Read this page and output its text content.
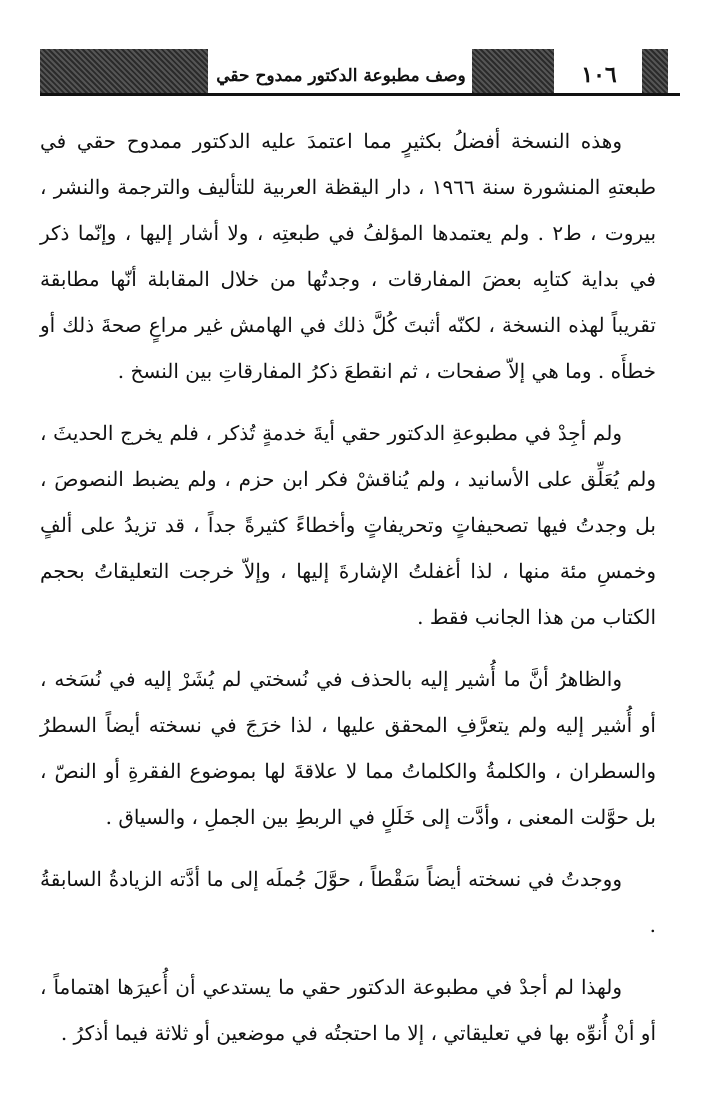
وصف مطبوعة الدكتور ممدوح حقي	١٠٦

وهذه النسخة أفضلُ بكثيرٍ مما اعتمدَ عليه الدكتور ممدوح حقي في طبعتهِ المنشورة سنة ١٩٦٦ ، دار اليقظة العربية للتأليف والترجمة والنشر ، بيروت ، ط٢ . ولم يعتمدها المؤلفُ في طبعتِه ، ولا أشار إليها ، وإنّما ذكر في بداية كتابِه بعضَ المفارقات ، وجدتُها من خلال المقابلة أنّها مطابقة تقريباً لهذه النسخة ، لكنّه أثبتَ كُلَّ ذلك في الهامش غير مراعٍ صحةَ ذلك أو خطأَه . وما هي إلاّ صفحات ، ثم انقطعَ ذكرُ المفارقاتِ بين النسخ .

ولم أجِدْ في مطبوعةِ الدكتور حقي أيةَ خدمةٍ تُذكر ، فلم يخرج الحديثَ ، ولم يُعَلِّق على الأسانيد ، ولم يُناقشْ فكر ابن حزم ، ولم يضبط النصوصَ ، بل وجدتُ فيها تصحيفاتٍ وتحريفاتٍ وأخطاءً كثيرةً جداً ، قد تزيدُ على ألفٍ وخمسِ مئة منها ، لذا أغفلتُ الإشارةَ إليها ، وإلاّ خرجت التعليقاتُ بحجم الكتاب من هذا الجانب فقط .

والظاهرُ أنَّ ما أُشير إليه بالحذف في نُسختي لم يُشَرْ إليه في نُسَخه ، أو أُشير إليه ولم يتعرَّفِ المحقق عليها ، لذا خرَجَ في نسخته أيضاً السطرُ والسطران ، والكلمةُ والكلماتُ مما لا علاقةَ لها بموضوع الفقرةِ أو النصّ ، بل حوَّلت المعنى ، وأدَّت إلى خَلَلٍ في الربطِ بين الجملِ ، والسياق .

ووجدتُ في نسخته أيضاً سَقْطاً ، حوَّلَ جُملَه إلى ما أدَّته الزيادةُ السابقةُ .

ولهذا لم أجدْ في مطبوعة الدكتور حقي ما يستدعي أن أُعيرَها اهتماماً ، أو أنْ أُنوِّه بها في تعليقاتي ، إلا ما احتجتُه في موضعين أو ثلاثة فيما أذكرُ .
